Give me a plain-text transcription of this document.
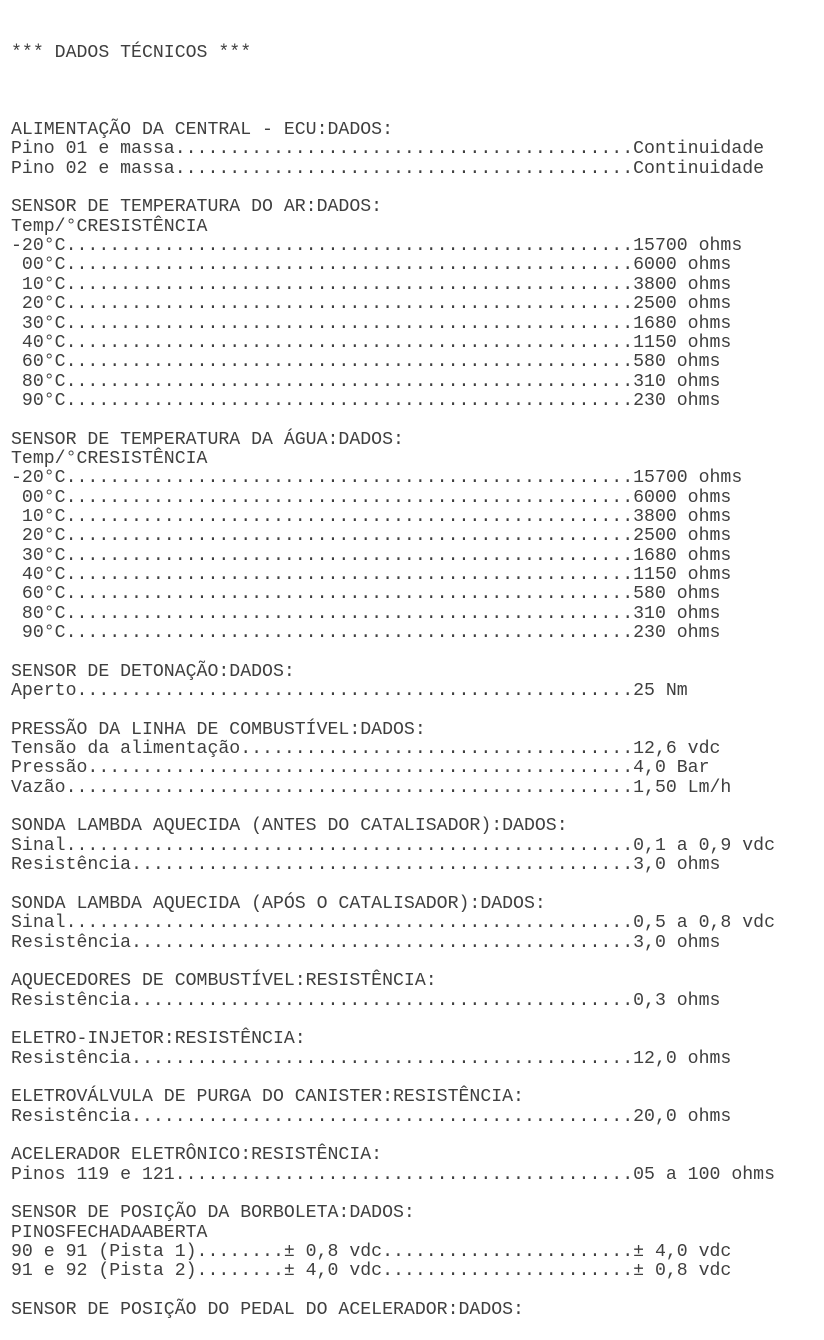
*** DADOS TÉCNICOS ***

ALIMENTAÇÃO DA CENTRAL - ECU:DADOS:
Pino 01 e massa..........................................Continuidade
Pino 02 e massa..........................................Continuidade
SENSOR DE TEMPERATURA DO AR:DADOS:
Temp/°CRESISTÊNCIA
-20°C....................................................15700 ohms
00°C....................................................6000 ohms
10°C....................................................3800 ohms
20°C....................................................2500 ohms
30°C....................................................1680 ohms
40°C....................................................1150 ohms
60°C....................................................580 ohms
80°C....................................................310 ohms
90°C....................................................230 ohms
SENSOR DE TEMPERATURA DA ÁGUA:DADOS:
Temp/°CRESISTÊNCIA
-20°C....................................................15700 ohms
00°C....................................................6000 ohms
10°C....................................................3800 ohms
20°C....................................................2500 ohms
30°C....................................................1680 ohms
40°C....................................................1150 ohms
60°C....................................................580 ohms
80°C....................................................310 ohms
90°C....................................................230 ohms
SENSOR DE DETONAÇÃO:DADOS:
Aperto...................................................25 Nm
PRESSÃO DA LINHA DE COMBUSTÍVEL:DADOS:
Tensão da alimentação....................................12,6 vdc
Pressão..................................................4,0 Bar
Vazão....................................................1,50 Lm/h
SONDA LAMBDA AQUECIDA (ANTES DO CATALISADOR):DADOS:
Sinal....................................................0,1 a 0,9 vdc
Resistência..............................................3,0 ohms
SONDA LAMBDA AQUECIDA (APÓS O CATALISADOR):DADOS:
Sinal....................................................0,5 a 0,8 vdc
Resistência..............................................3,0 ohms
AQUECEDORES DE COMBUSTÍVEL:RESISTÊNCIA:
Resistência..............................................0,3 ohms
ELETRO-INJETOR:RESISTÊNCIA:
Resistência..............................................12,0 ohms
ELETROVÁLVULA DE PURGA DO CANISTER:RESISTÊNCIA:
Resistência..............................................20,0 ohms
ACELERADOR ELETRÔNICO:RESISTÊNCIA:
Pinos 119 e 121..........................................05 a 100 ohms
SENSOR DE POSIÇÃO DA BORBOLETA:DADOS:
PINOSFECHADAABERTA
90 e 91 (Pista 1)........± 0,8 vdc.......................± 4,0 vdc
91 e 92 (Pista 2)........± 4,0 vdc.......................± 0,8 vdc
SENSOR DE POSIÇÃO DO PEDAL DO ACELERADOR:DADOS:
